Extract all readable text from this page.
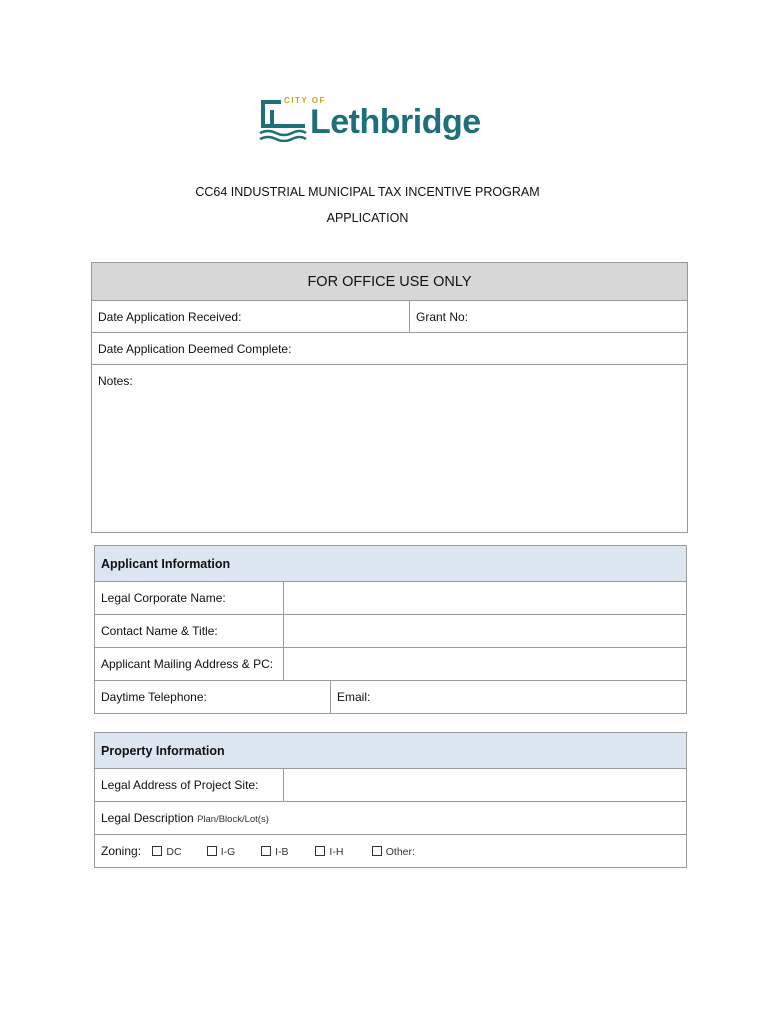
CITY OF
Lethbridge
CC64 INDUSTRIAL MUNICIPAL TAX INCENTIVE PROGRAM
APPLICATION
FOR OFFICE USE ONLY
Date Application Received:	Grant No:
Date Application Deemed Complete:
Notes:
Applicant Information		
Legal Corporate Name:		
Contact Name & Title:		
Applicant Mailing Address & PC:		
Daytime Telephone:		Email:
Property Information
Legal Address of Project Site:	
Legal Description Plan/Block/Lot(s)
Zoning: DC	I-G	I-B	I-H	Other:
